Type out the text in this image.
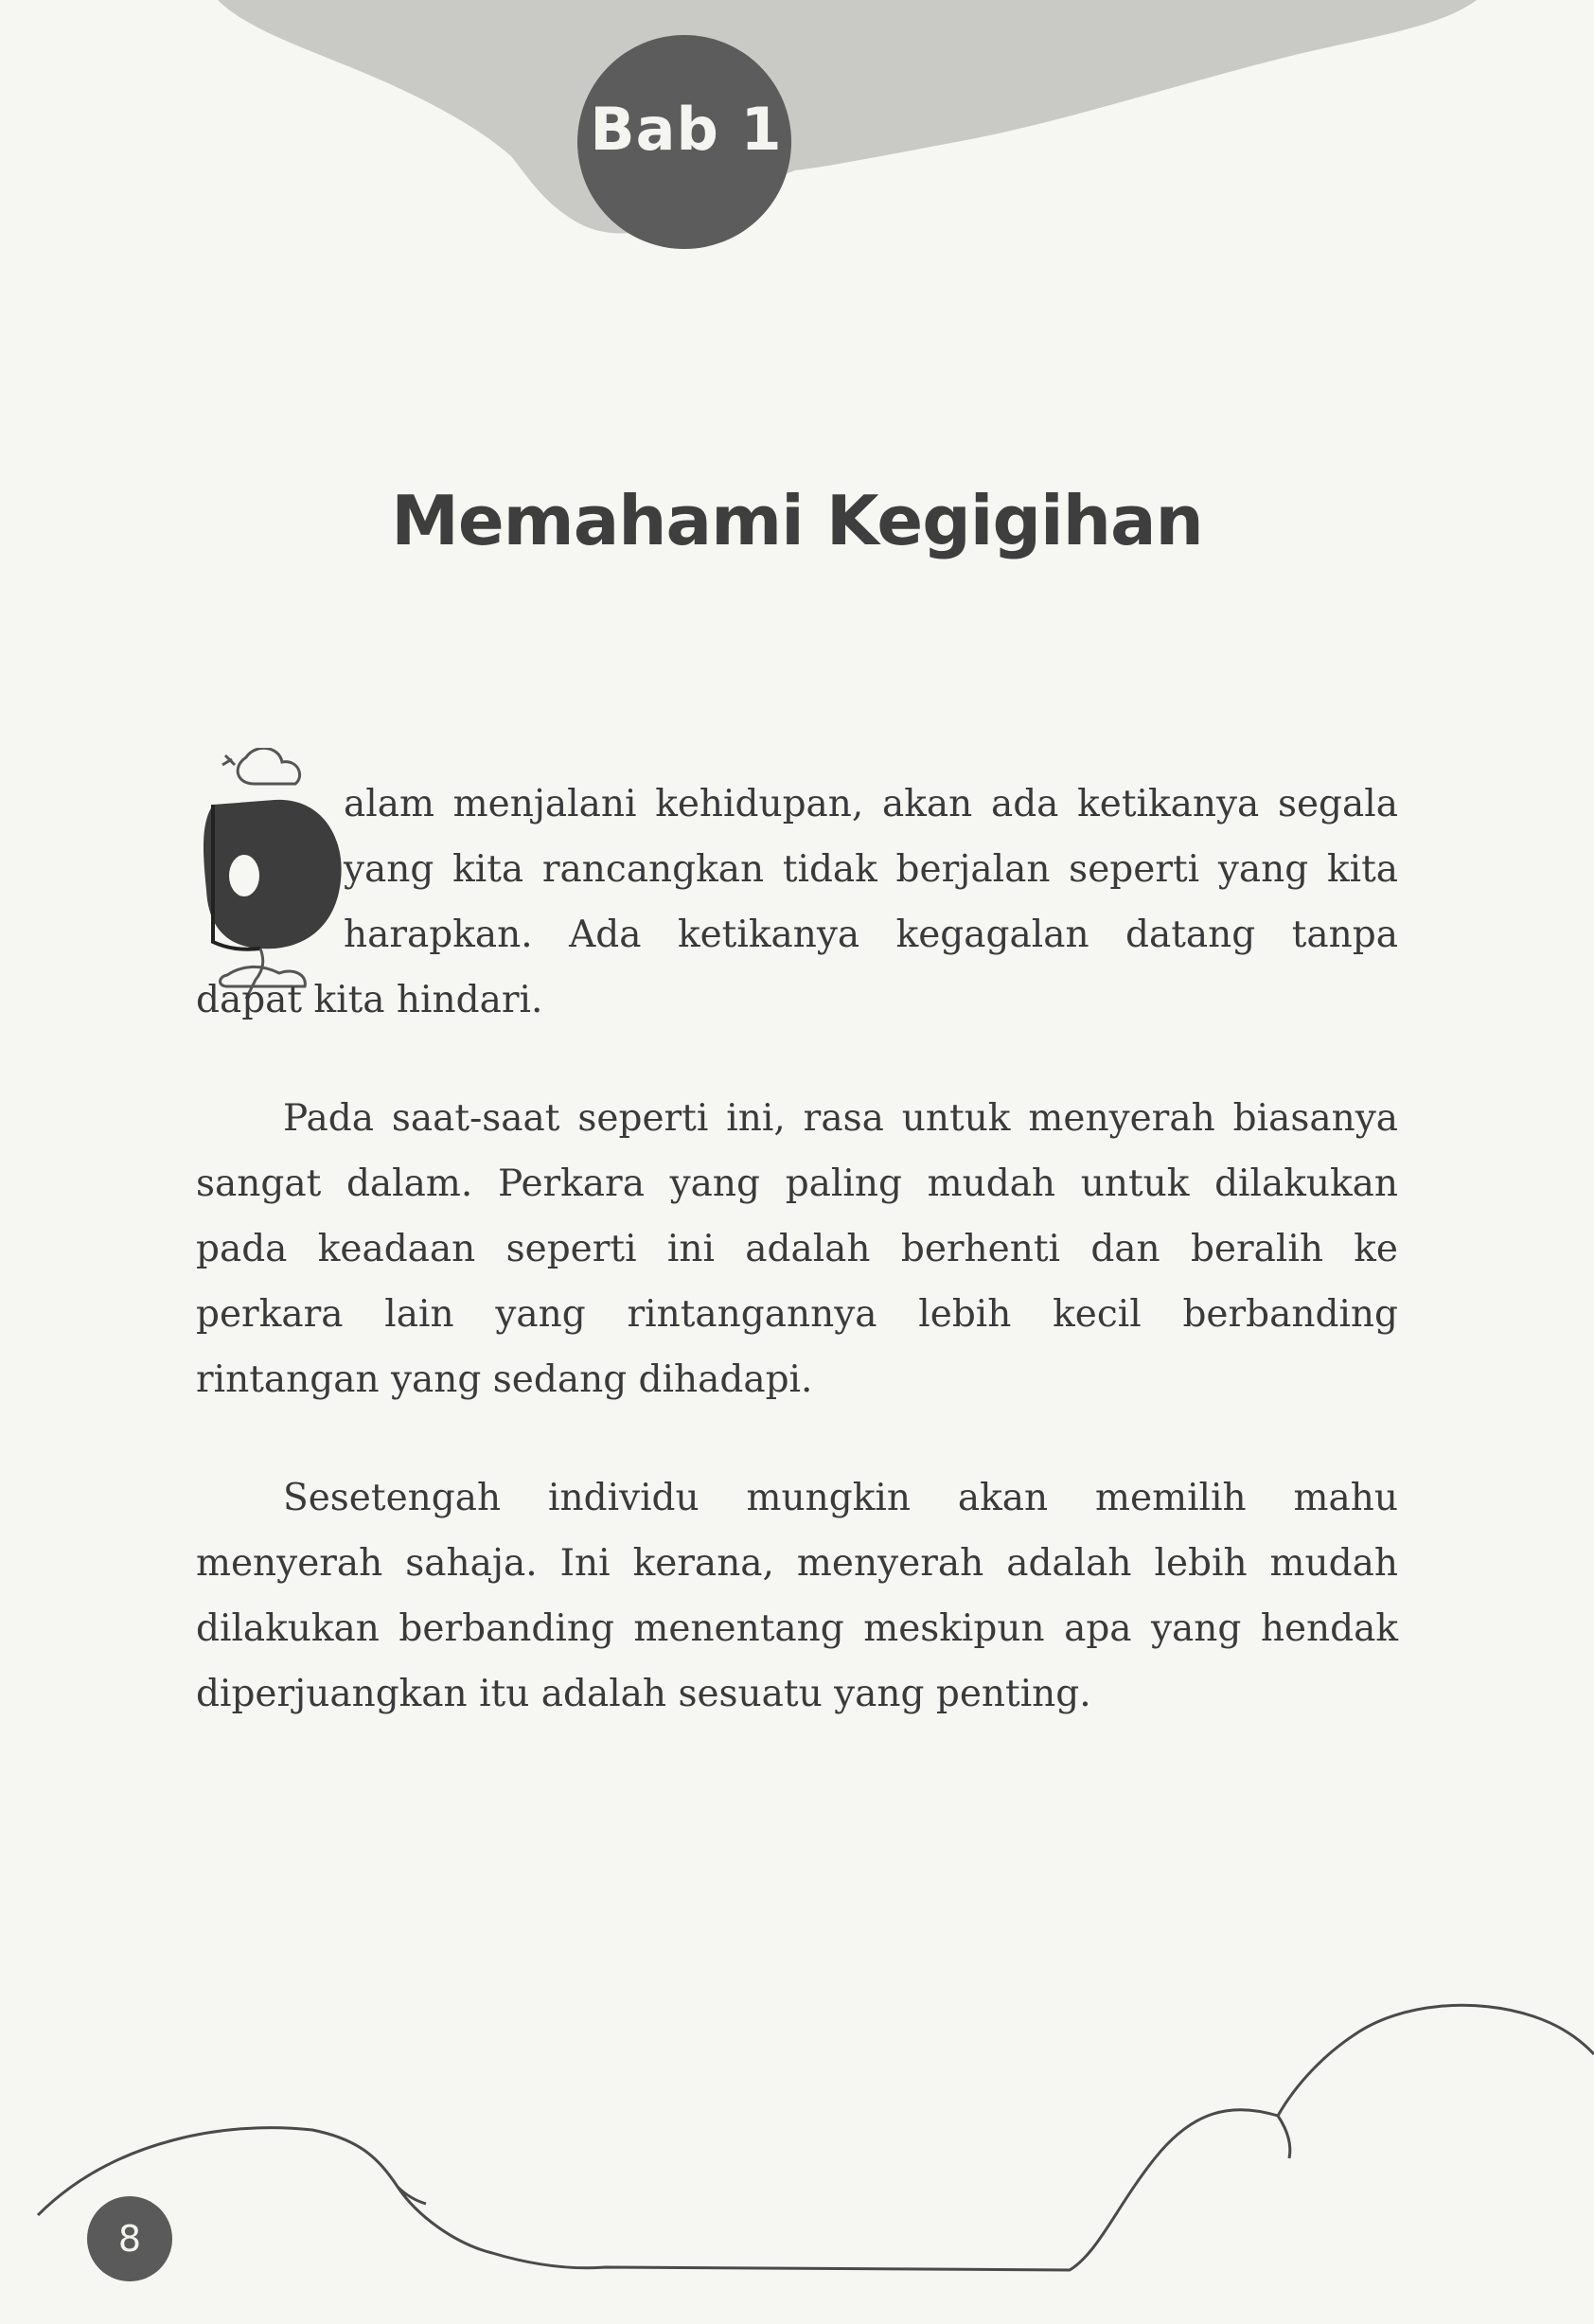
Bab 1
Memahami Kegigihan
alam menjalani kehidupan, akan ada ketikanya segala
yang kita rancangkan tidak berjalan seperti yang kita
harapkan. Ada ketikanya kegagalan datang tanpa
dapat kita hindari.
Pada saat-saat seperti ini, rasa untuk menyerah biasanya
sangat dalam. Perkara yang paling mudah untuk dilakukan
pada keadaan seperti ini adalah berhenti dan beralih ke
perkara lain yang rintangannya lebih kecil berbanding
rintangan yang sedang dihadapi.
Sesetengah individu mungkin akan memilih mahu
menyerah sahaja. Ini kerana, menyerah adalah lebih mudah
dilakukan berbanding menentang meskipun apa yang hendak
diperjuangkan itu adalah sesuatu yang penting.
8
